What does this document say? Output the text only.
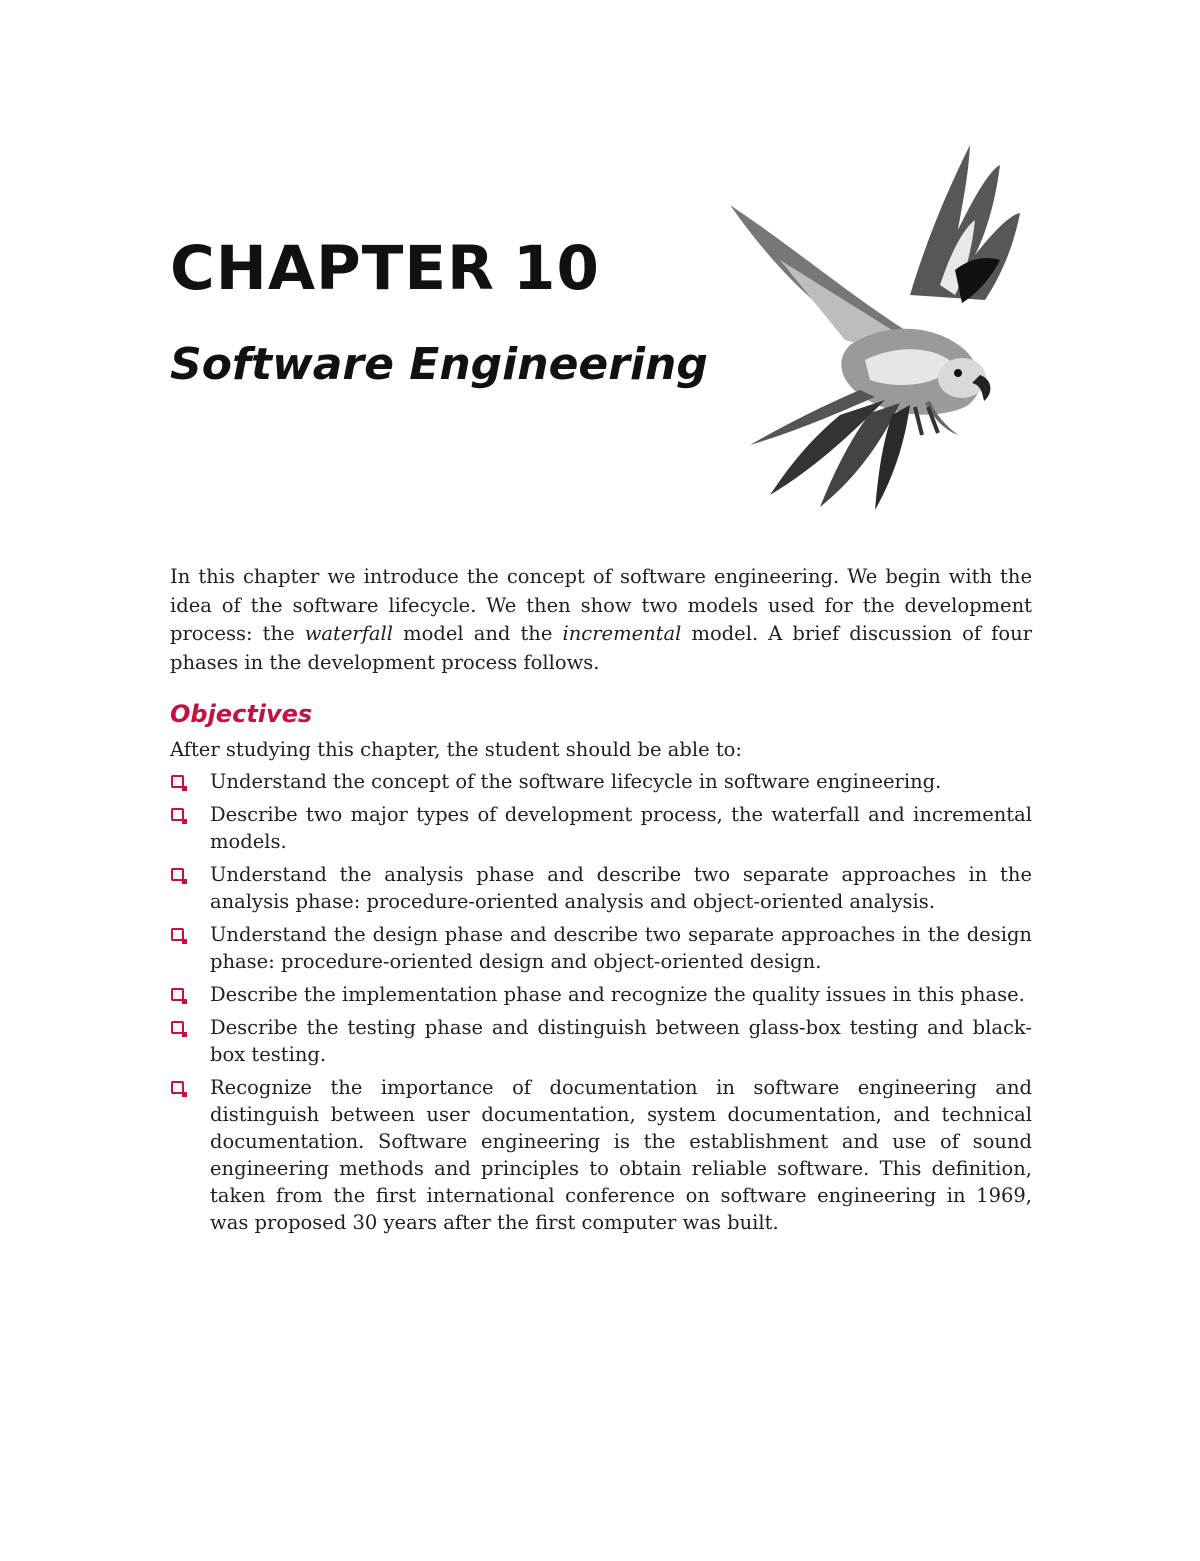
CHAPTER 10
Software Engineering

In this chapter we introduce the concept of software engineering. We begin with the idea of the software lifecycle. We then show two models used for the development process: the waterfall model and the incremental model. A brief discussion of four phases in the development process follows.

Objectives

After studying this chapter, the student should be able to:

Understand the concept of the software lifecycle in software engineering.
Describe two major types of development process, the waterfall and incremental models.
Understand the analysis phase and describe two separate approaches in the analysis phase: procedure-oriented analysis and object-oriented analysis.
Understand the design phase and describe two separate approaches in the design phase: procedure-oriented design and object-oriented design.
Describe the implementation phase and recognize the quality issues in this phase.
Describe the testing phase and distinguish between glass-box testing and black-box testing.
Recognize the importance of documentation in software engineering and distinguish between user documentation, system documentation, and technical documentation. Software engineering is the establishment and use of sound engineering methods and principles to obtain reliable software. This definition, taken from the first international conference on software engineering in 1969, was proposed 30 years after the first computer was built.
